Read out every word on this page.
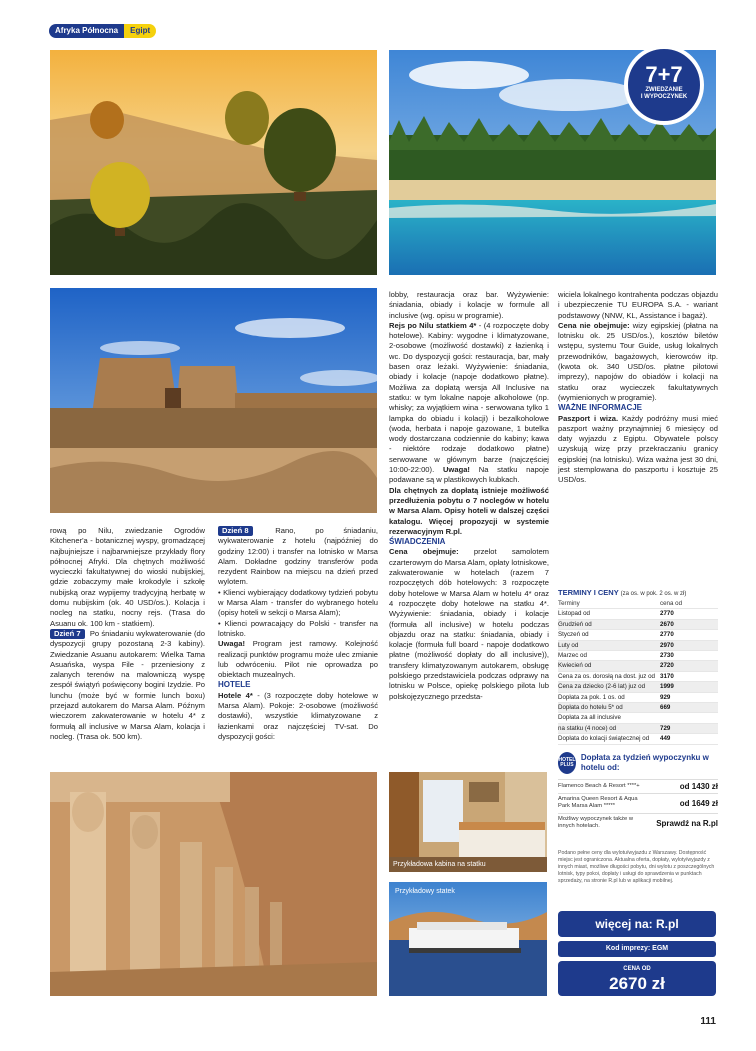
Afryka Północna	Egipt
7+7
ZWIEDZANIE
I WYPOCZYNEK

rową po Nilu, zwiedzanie Ogrodów Kitchener'a - botanicznej wyspy, gromadzącej najbujniejsze i najbarwniejsze przykłady flory północnej Afryki. Dla chętnych możliwość wycieczki fakultatywnej do wioski nubijskiej, gdzie zobaczymy małe krokodyle i szkołę nubijską oraz wypijemy tradycyjną herbatę w domu nubijskim (ok. 40 USD/os.). Kolacja i nocleg na statku, nocny rejs. (Trasa do Asuanu ok. 100 km - statkiem).

Dzień 7 Po śniadaniu wykwaterowanie (do dyspozycji grupy pozostaną 2-3 kabiny). Zwiedzanie Asuanu autokarem: Wielka Tama Asuańska, wyspa File - przeniesiony z zalanych terenów na malowniczą wyspę zespół świątyń poświęcony bogini Izydzie. Po lunchu (może być w formie lunch boxu) przejazd autokarem do Marsa Alam. Późnym wieczorem zakwaterowanie w hotelu 4* z formułą all inclusive w Marsa Alam, kolacja i nocleg. (Trasa ok. 500 km).

Dzień 8 Rano, po śniadaniu, wykwaterowanie z hotelu (najpóźniej do godziny 12:00) i transfer na lotnisko w Marsa Alam. Dokładne godziny transferów poda rezydent Rainbow na miejscu na dzień przed wylotem.

• Klienci wybierający dodatkowy tydzień pobytu w Marsa Alam - transfer do wybranego hotelu (opisy hoteli w sekcji o Marsa Alam);

• Klienci powracający do Polski - transfer na lotnisko.

Uwaga! Program jest ramowy. Kolejność realizacji punktów programu może ulec zmianie lub odwróceniu. Pilot nie oprowadza po obiektach muzealnych.

HOTELE

Hotele 4* - (3 rozpoczęte doby hotelowe w Marsa Alam). Pokoje: 2-osobowe (możliwość dostawki), wszystkie klimatyzowane z łazienkami oraz najczęściej TV-sat. Do dyspozycji gości:

lobby, restauracja oraz bar. Wyżywienie: śniadania, obiady i kolacje w formule all inclusive (wg. opisu w programie).

Rejs po Nilu statkiem 4* - (4 rozpoczęte doby hotelowe). Kabiny: wygodne i klimatyzowane, 2-osobowe (możliwość dostawki) z łazienką i wc. Do dyspozycji gości: restauracja, bar, mały basen oraz leżaki. Wyżywienie: śniadania, obiady i kolacje (napoje dodatkowo płatne). Możliwa za dopłatą wersja All Inclusive na statku: w tym lokalne napoje alkoholowe (np. whisky; za wyjątkiem wina - serwowana tylko 1 lampka do obiadu i kolacji) i bezalkoholowe (woda, herbata i napoje gazowane, 1 butelka wody dostarczana codziennie do kabiny; kawa - niektóre rodzaje dodatkowo płatne) serwowane w głównym barze (najczęściej 10:00-22:00). Uwaga! Na statku napoje podawane są w plastikowych kubkach.

Dla chętnych za dopłatą istnieje możliwość przedłużenia pobytu o 7 noclegów w hotelu w Marsa Alam. Opisy hoteli w dalszej części katalogu. Więcej propozycji w systemie rezerwacyjnym R.pl.

ŚWIADCZENIA

Cena obejmuje: przelot samolotem czarterowym do Marsa Alam, opłaty lotniskowe, zakwaterowanie w hotelach (razem 7 rozpoczętych dób hotelowych: 3 rozpoczęte doby hotelowe w Marsa Alam w hotelu 4* oraz 4 rozpoczęte doby hotelowe na statku 4*. Wyżywienie: śniadania, obiady i kolacje (formuła all inclusive) w hotelu podczas objazdu oraz na statku: śniadania, obiady i kolacje (formuła full board - napoje dodatkowo płatne (możliwość dopłaty do all inclusive)), transfery klimatyzowanym autokarem, obsługę polskiego przedstawiciela podczas odprawy na lotnisku w Polsce, opiekę polskiego pilota lub polskojęzycznego przedsta-

wiciela lokalnego kontrahenta podczas objazdu i ubezpieczenie TU EUROPA S.A. - wariant podstawowy (NNW, KL, Assistance i bagaż).

Cena nie obejmuje: wizy egipskiej (płatna na lotnisku ok. 25 USD/os.), kosztów biletów wstępu, systemu Tour Guide, usług lokalnych przewodników, bagażowych, kierowców itp. (kwota ok. 340 USD/os. płatne pilotowi imprezy), napojów do obiadów i kolacji na statku oraz wycieczek fakultatywnych (wymienionych w programie).

WAŻNE INFORMACJE

Paszport i wiza. Każdy podróżny musi mieć paszport ważny przynajmniej 6 miesięcy od daty wyjazdu z Egiptu. Obywatele polscy uzyskują wizę przy przekraczaniu granicy egipskiej (na lotnisku). Wiza ważna jest 30 dni, jest stemplowana do paszportu i kosztuje 25 USD/os.

TERMINY I CENY (za os. w pok. 2 os. w zł)
Terminy	cena od
Listopad od	2770
Grudzień od	2670
Styczeń od	2770
Luty od	2970
Marzec od	2730
Kwiecień od	2720
Cena za os. dorosłą na dost. juz od 3170
Cena za dziecko (2-6 lat) juz od	1999
Dopłata za pok. 1 os. od	929
Dopłata do hotelu 5* od	669
Dopłata za all inclusive
na statku (4 noce) od	729
Dopłata do kolacji świątecznej od	449
HOTEL PLUS
Dopłata za tydzień wypoczynku w hotelu od:
Flamenco Beach & Resort ****+	od 1430 zł
Amarina Queen Resort & Aqua Park Marsa Alam *****	od 1649 zł
Możliwy wypoczynek także w innych hotelach.	Sprawdź na R.pl
Podano pełne ceny dla wylotu/wyjazdu z Warszawy. Dostępność miejsc jest ograniczona. Aktualna oferta, dopłaty, wyloty/wyjazdy z innych miast, możliwe długości pobytu, dni wylotu z poszczególnych lotnisk, typy pokoi, dopłaty i usługi do sprawdzenia w punktach sprzedaży, na stronie R.pl lub w aplikacji mobilnej.
więcej na: R.pl
Kod imprezy: EGM
CENA OD
2670 zł
Przykładowa kabina na statku
Przykładowy statek
111
